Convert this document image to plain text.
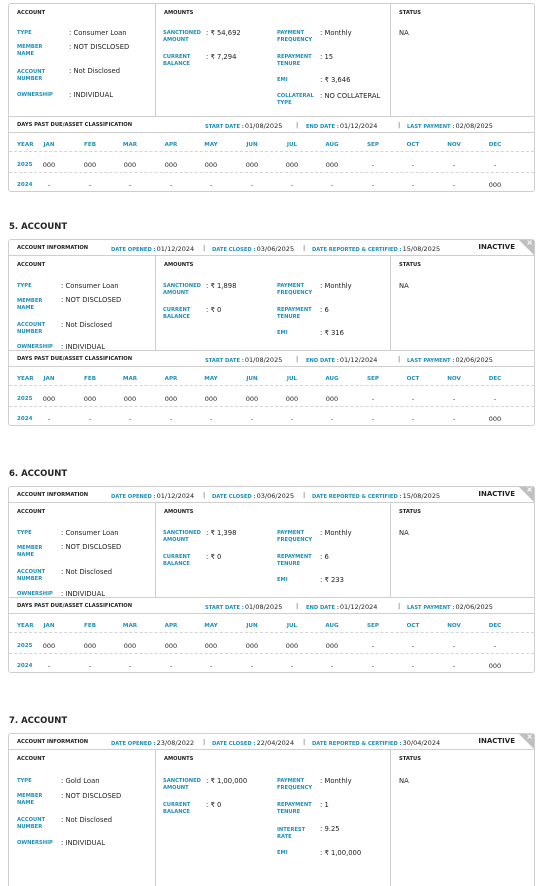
ACCOUNT
TYPE	: Consumer Loan
MEMBER NAME
: NOT DISCLOSED
ACCOUNT NUMBER
: Not Disclosed
OWNERSHIP : INDIVIDUAL
AMOUNTS
SANCTIONED AMOUNT
: ₹ 54,692
CURRENT BALANCE
: ₹ 7,294
PAYMENT FREQUENCY
: Monthly
REPAYMENT TENURE
: 15
EMI	: ₹ 3,646
COLLATERAL TYPE
: NO COLLATERAL
STATUS
NA
DAYS PAST DUE/ASSET CLASSIFICATION	START DATE :01/08/2025 | END DATE :01/12/2024	| LAST PAYMENT :02/08/2025
YEAR	JAN	FEB	MAR	APR	MAY	JUN	JUL	AUG	SEP	OCT	NOV	DEC
2025	000	000	000	000	000	000	000	000	-	-	-	-
2024	-	-	-	-	-	-	-	-	-	-	-	000
5. ACCOUNT
ACCOUNT INFORMATION	DATE OPENED :01/12/2024 | DATE CLOSED :03/06/2025 | DATE REPORTED & CERTIFIED :15/08/2025	INACTIVE ×
ACCOUNT
TYPE	: Consumer Loan
MEMBER NAME
: NOT DISCLOSED
ACCOUNT NUMBER
: Not Disclosed
OWNERSHIP : INDIVIDUAL
AMOUNTS
SANCTIONED AMOUNT
: ₹ 1,898
CURRENT BALANCE
: ₹ 0
PAYMENT FREQUENCY
: Monthly
REPAYMENT TENURE
: 6
EMI	: ₹ 316
STATUS
NA
DAYS PAST DUE/ASSET CLASSIFICATION	START DATE :01/08/2025 | END DATE :01/12/2024	| LAST PAYMENT :02/06/2025
YEAR	JAN	FEB	MAR	APR	MAY	JUN	JUL	AUG	SEP	OCT	NOV	DEC
2025	000	000	000	000	000	000	000	000	-	-	-	-
2024	-	-	-	-	-	-	-	-	-	-	-	000
6. ACCOUNT
ACCOUNT INFORMATION	DATE OPENED :01/12/2024 | DATE CLOSED :03/06/2025 | DATE REPORTED & CERTIFIED :15/08/2025	INACTIVE ×
ACCOUNT
TYPE	: Consumer Loan
MEMBER NAME
: NOT DISCLOSED
ACCOUNT NUMBER
: Not Disclosed
OWNERSHIP : INDIVIDUAL
AMOUNTS
SANCTIONED AMOUNT
: ₹ 1,398
CURRENT BALANCE
: ₹ 0
PAYMENT FREQUENCY
: Monthly
REPAYMENT TENURE
: 6
EMI	: ₹ 233
STATUS
NA
DAYS PAST DUE/ASSET CLASSIFICATION	START DATE :01/08/2025 | END DATE :01/12/2024	| LAST PAYMENT :02/06/2025
YEAR	JAN	FEB	MAR	APR	MAY	JUN	JUL	AUG	SEP	OCT	NOV	DEC
2025	000	000	000	000	000	000	000	000	-	-	-	-
2024	-	-	-	-	-	-	-	-	-	-	-	000
7. ACCOUNT
ACCOUNT INFORMATION	DATE OPENED :23/08/2022 | DATE CLOSED :22/04/2024 | DATE REPORTED & CERTIFIED :30/04/2024	INACTIVE ×
ACCOUNT
TYPE	: Gold Loan
MEMBER NAME
: NOT DISCLOSED
ACCOUNT NUMBER
: Not Disclosed
OWNERSHIP : INDIVIDUAL
AMOUNTS
SANCTIONED AMOUNT
: ₹ 1,00,000
CURRENT BALANCE
: ₹ 0
PAYMENT FREQUENCY
: Monthly
REPAYMENT TENURE
: 1
INTEREST RATE
: 9.25
EMI	: ₹ 1,00,000
STATUS
NA
